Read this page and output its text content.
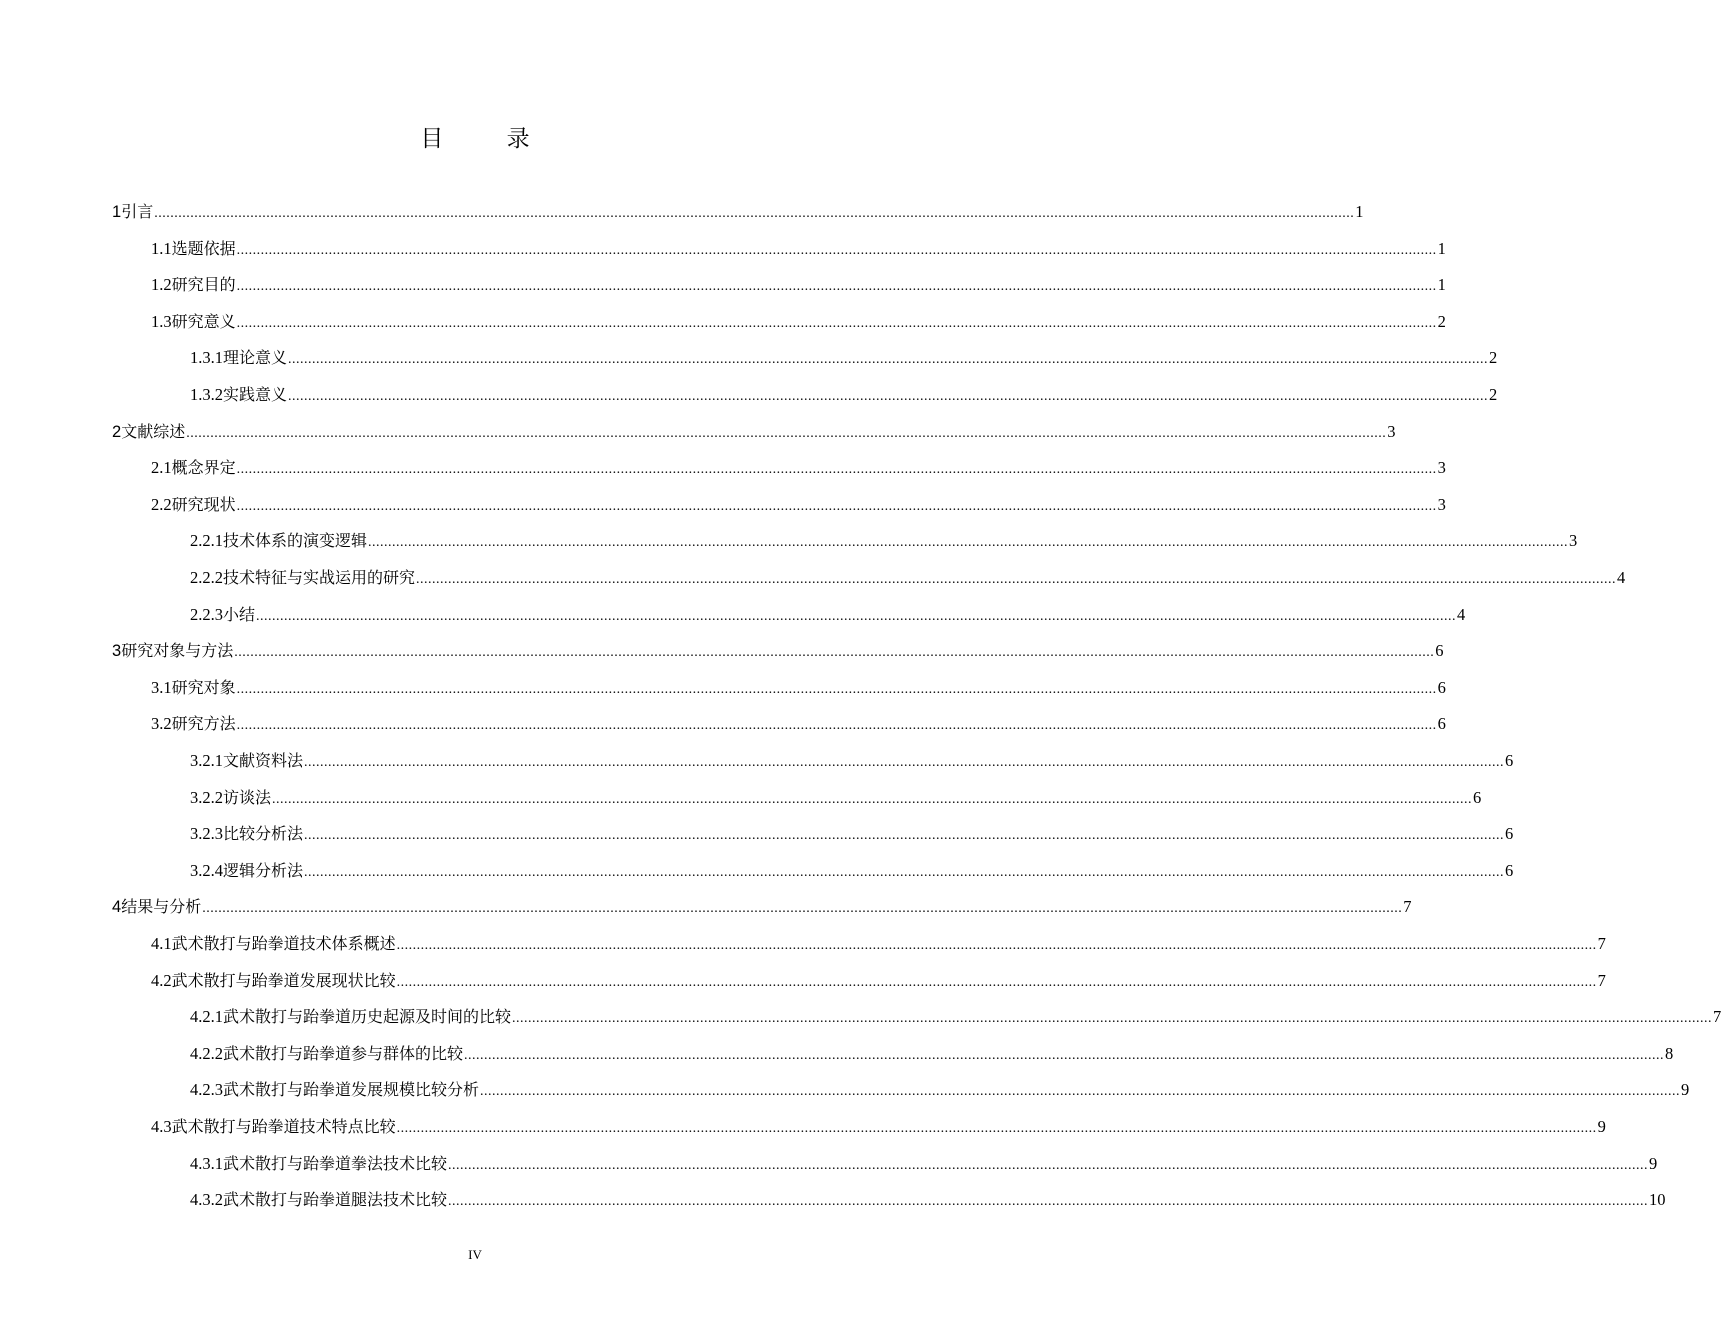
目 录
1 引言 ............................................................................................................................................................................................................................................................................................................ 1
1.1 选题依据 ............................................................................................................................................................................................................................................................................................................ 1
1.2 研究目的 ............................................................................................................................................................................................................................................................................................................ 1
1.3 研究意义 ............................................................................................................................................................................................................................................................................................................ 2
1.3.1 理论意义 ............................................................................................................................................................................................................................................................................................................ 2
1.3.2 实践意义 ............................................................................................................................................................................................................................................................................................................ 2
2 文献综述 ............................................................................................................................................................................................................................................................................................................ 3
2.1 概念界定 ............................................................................................................................................................................................................................................................................................................ 3
2.2 研究现状 ............................................................................................................................................................................................................................................................................................................ 3
2.2.1 技术体系的演变逻辑 ............................................................................................................................................................................................................................................................................................................ 3
2.2.2 技术特征与实战运用的研究 ............................................................................................................................................................................................................................................................................................................ 4
2.2.3 小结 ............................................................................................................................................................................................................................................................................................................ 4
3 研究对象与方法 ............................................................................................................................................................................................................................................................................................................ 6
3.1 研究对象 ............................................................................................................................................................................................................................................................................................................ 6
3.2 研究方法 ............................................................................................................................................................................................................................................................................................................ 6
3.2.1 文献资料法 ............................................................................................................................................................................................................................................................................................................ 6
3.2.2 访谈法 ............................................................................................................................................................................................................................................................................................................ 6
3.2.3 比较分析法 ............................................................................................................................................................................................................................................................................................................ 6
3.2.4 逻辑分析法 ............................................................................................................................................................................................................................................................................................................ 6
4 结果与分析 ............................................................................................................................................................................................................................................................................................................ 7
4.1 武术散打与跆拳道技术体系概述 ............................................................................................................................................................................................................................................................................................................ 7
4.2 武术散打与跆拳道发展现状比较 ............................................................................................................................................................................................................................................................................................................ 7
4.2.1 武术散打与跆拳道历史起源及时间的比较 ............................................................................................................................................................................................................................................................................................................ 7
4.2.2 武术散打与跆拳道参与群体的比较 ............................................................................................................................................................................................................................................................................................................ 8
4.2.3 武术散打与跆拳道发展规模比较分析 ............................................................................................................................................................................................................................................................................................................ 9
4.3 武术散打与跆拳道技术特点比较 ............................................................................................................................................................................................................................................................................................................ 9
4.3.1 武术散打与跆拳道拳法技术比较 ............................................................................................................................................................................................................................................................................................................ 9
4.3.2 武术散打与跆拳道腿法技术比较 ............................................................................................................................................................................................................................................................................................................ 10
IV
